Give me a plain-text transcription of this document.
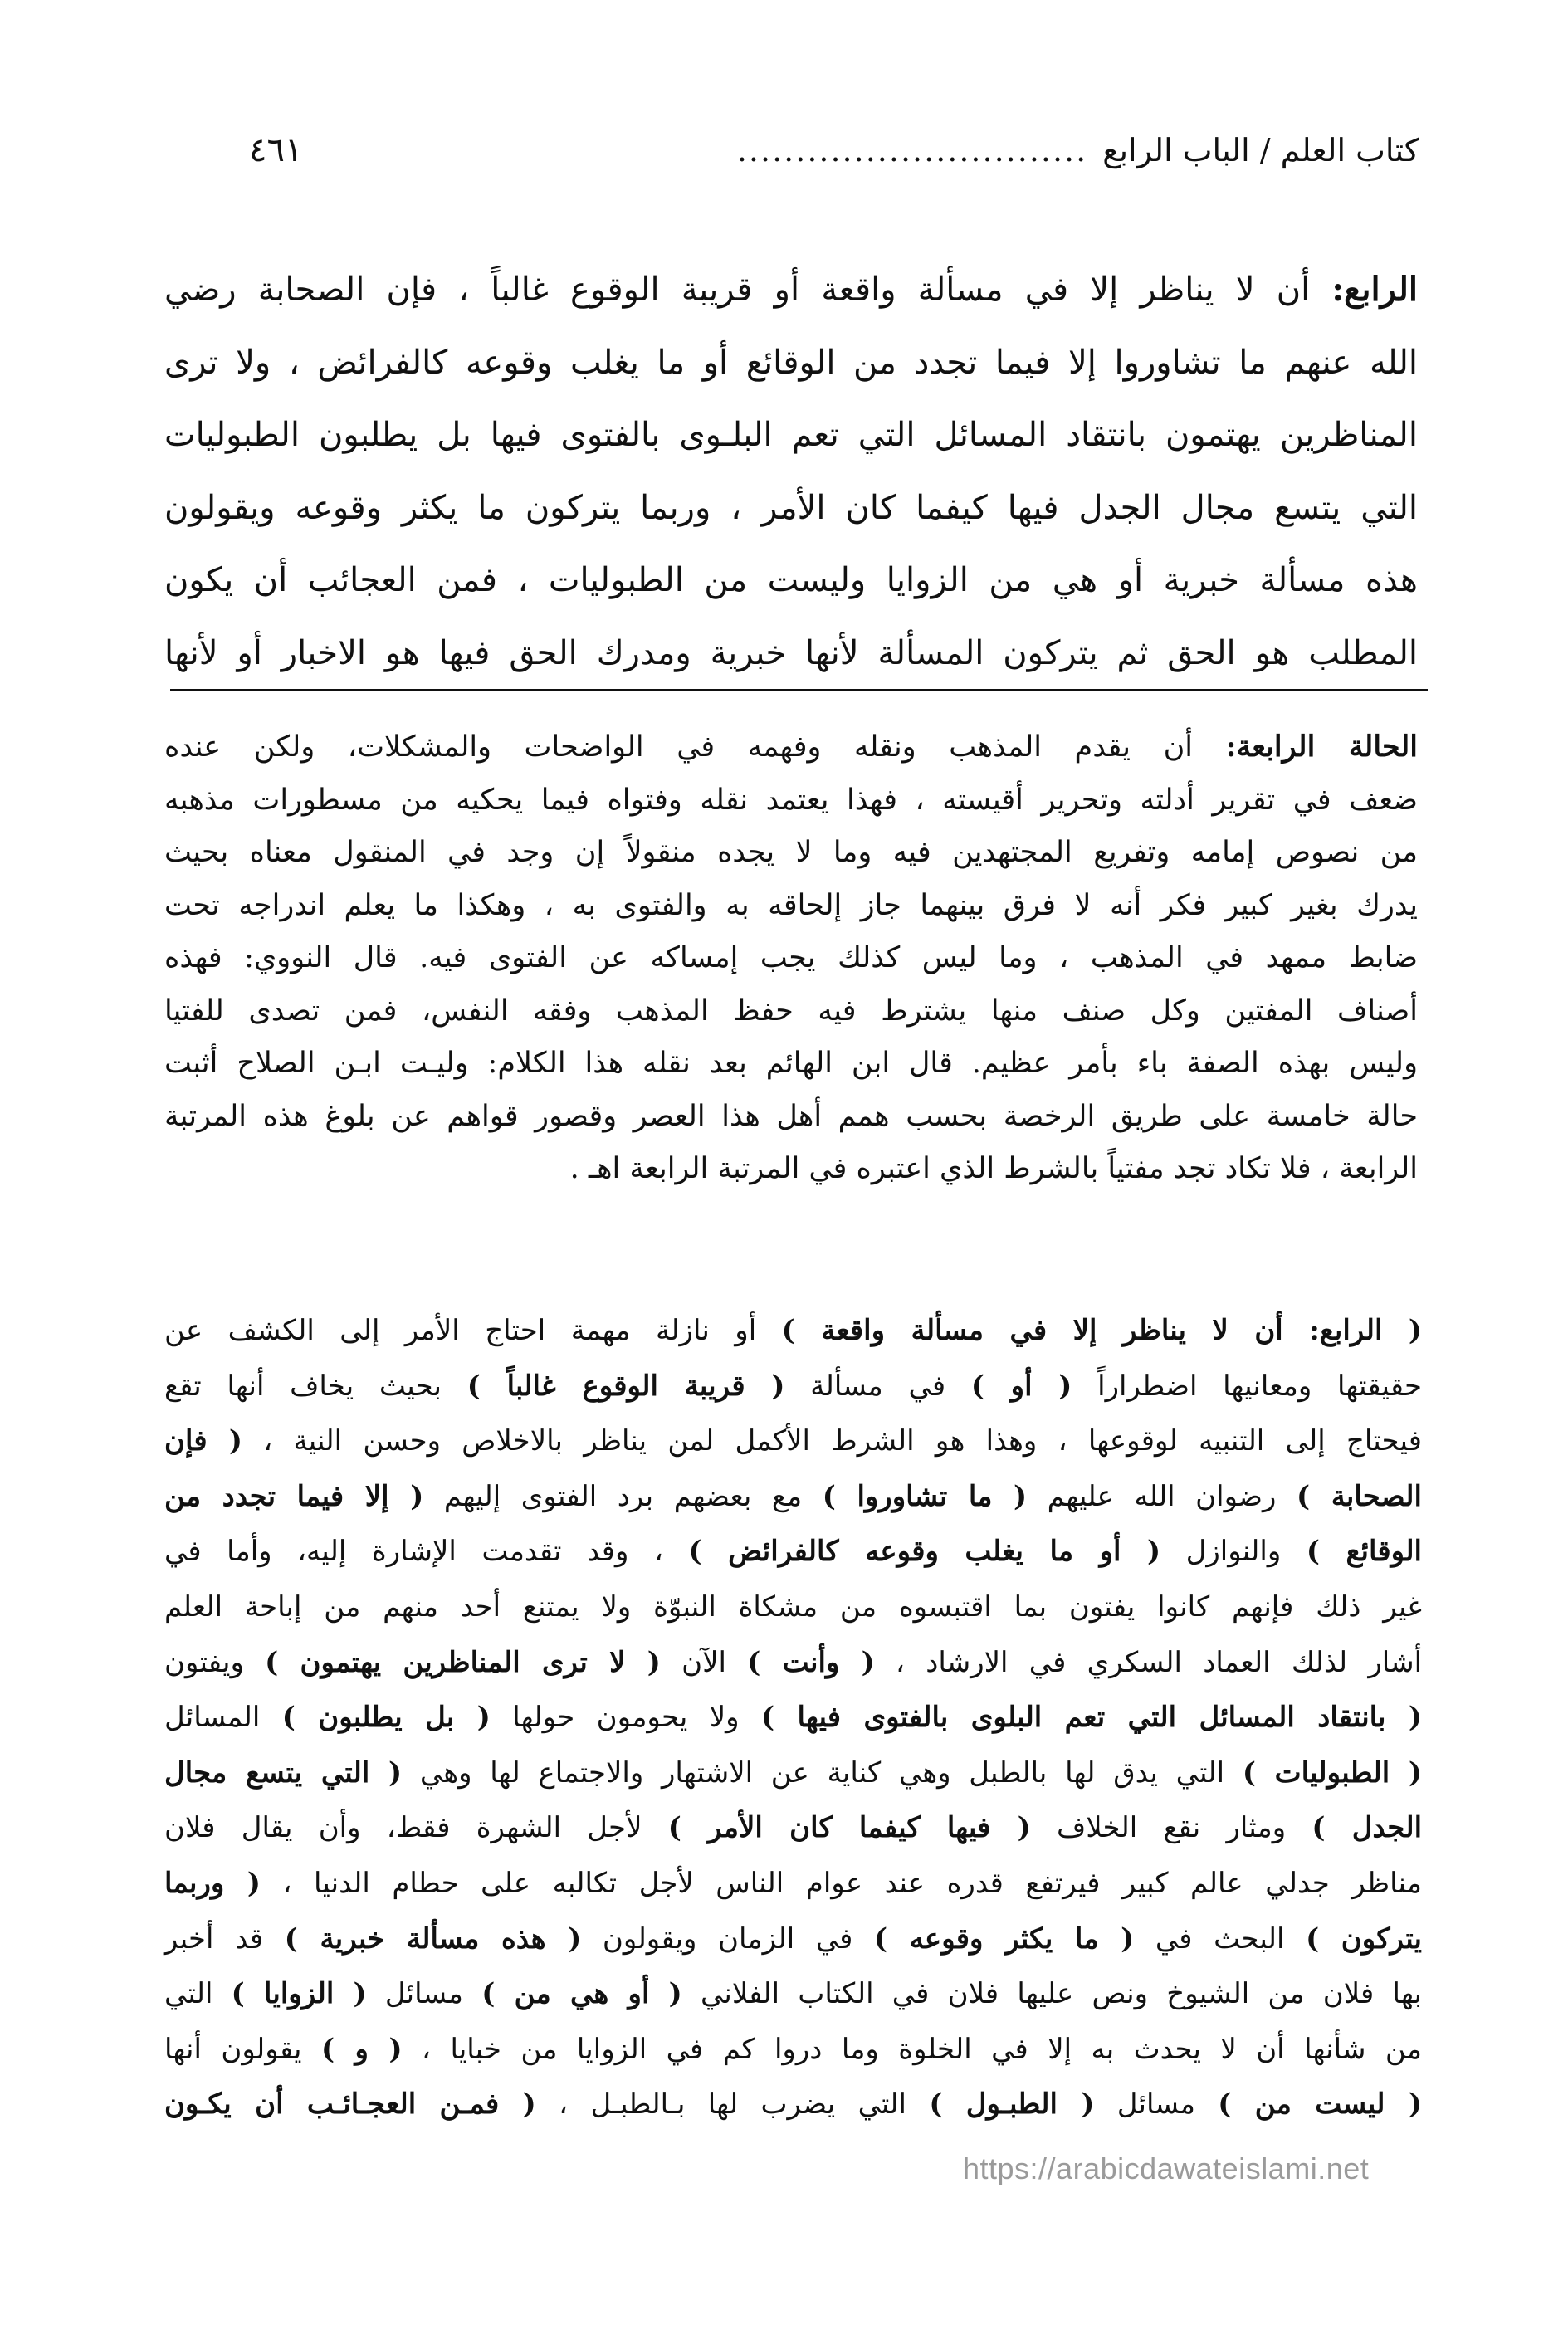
كتاب العلم / الباب الرابع
..............................
٤٦١
الرابع: أن لا يناظر إلا في مسألة واقعة أو قريبة الوقوع غالباً ، فإن الصحابة رضي
الله عنهم ما تشاوروا إلا فيما تجدد من الوقائع أو ما يغلب وقوعه كالفرائض ، ولا ترى
المناظرين يهتمون بانتقاد المسائل التي تعم البلـوى بالفتوى فيها بل يطلبون الطبوليات
التي يتسع مجال الجدل فيها كيفما كان الأمر ، وربما يتركون ما يكثر وقوعه ويقولون
هذه مسألة خبرية أو هي من الزوايا وليست من الطبوليات ، فمن العجائب أن يكون
المطلب هو الحق ثم يتركون المسألة لأنها خبرية ومدرك الحق فيها هو الاخبار أو لأنها
الحالة الرابعة: أن يقدم المذهب ونقله وفهمه في الواضحات والمشكلات، ولكن عنده
ضعف في تقرير أدلته وتحرير أقيسته ، فهذا يعتمد نقله وفتواه فيما يحكيه من مسطورات مذهبه
من نصوص إمامه وتفريع المجتهدين فيه وما لا يجده منقولاً إن وجد في المنقول معناه بحيث
يدرك بغير كبير فكر أنه لا فرق بينهما جاز إلحاقه به والفتوى به ، وهكذا ما يعلم اندراجه تحت
ضابط ممهد في المذهب ، وما ليس كذلك يجب إمساكه عن الفتوى فيه. قال النووي: فهذه
أصناف المفتين وكل صنف منها يشترط فيه حفظ المذهب وفقه النفس، فمن تصدى للفتيا
وليس بهذه الصفة باء بأمر عظيم. قال ابن الهائم بعد نقله هذا الكلام: وليـت ابـن الصلاح أثبت
حالة خامسة على طريق الرخصة بحسب همم أهل هذا العصر وقصور قواهم عن بلوغ هذه المرتبة
الرابعة ، فلا تكاد تجد مفتياً بالشرط الذي اعتبره في المرتبة الرابعة اهـ .
( الرابع: أن لا يناظر إلا في مسألة واقعة ) أو نازلة مهمة احتاج الأمر إلى الكشف عن
حقيقتها ومعانيها اضطراراً ( أو ) في مسألة ( قريبة الوقوع غالباً ) بحيث يخاف أنها تقع
فيحتاج إلى التنبيه لوقوعها ، وهذا هو الشرط الأكمل لمن يناظر بالاخلاص وحسن النية ، ( فإن
الصحابة ) رضوان الله عليهم ( ما تشاوروا ) مع بعضهم برد الفتوى إليهم ( إلا فيما تجدد من
الوقائع ) والنوازل ( أو ما يغلب وقوعه كالفرائض ) ، وقد تقدمت الإشارة إليه، وأما في
غير ذلك فإنهم كانوا يفتون بما اقتبسوه من مشكاة النبوّة ولا يمتنع أحد منهم من إباحة العلم
أشار لذلك العماد السكري في الارشاد ، ( وأنت ) الآن ( لا ترى المناظرين يهتمون ) ويفتون
( بانتقاد المسائل التي تعم البلوى بالفتوى فيها ) ولا يحومون حولها ( بل يطلبون ) المسائل
( الطبوليات ) التي يدق لها بالطبل وهي كناية عن الاشتهار والاجتماع لها وهي ( التي يتسع مجال
الجدل ) ومثار نقع الخلاف ( فيها كيفما كان الأمر ) لأجل الشهرة فقط، وأن يقال فلان
مناظر جدلي عالم كبير فيرتفع قدره عند عوام الناس لأجل تكالبه على حطام الدنيا ، ( وربما
يتركون ) البحث في ( ما يكثر وقوعه ) في الزمان ويقولون ( هذه مسألة خبرية ) قد أخبر
بها فلان من الشيوخ ونص عليها فلان في الكتاب الفلاني ( أو هي من ) مسائل ( الزوايا ) التي
من شأنها أن لا يحدث به إلا في الخلوة وما دروا كم في الزوايا من خبايا ، ( و ) يقولون أنها
( ليست من ) مسائل ( الطبـول ) التي يضرب لها بـالطبـل ، ( فمـن العجـائـب أن يكـون
https://arabicdawateislami.net
